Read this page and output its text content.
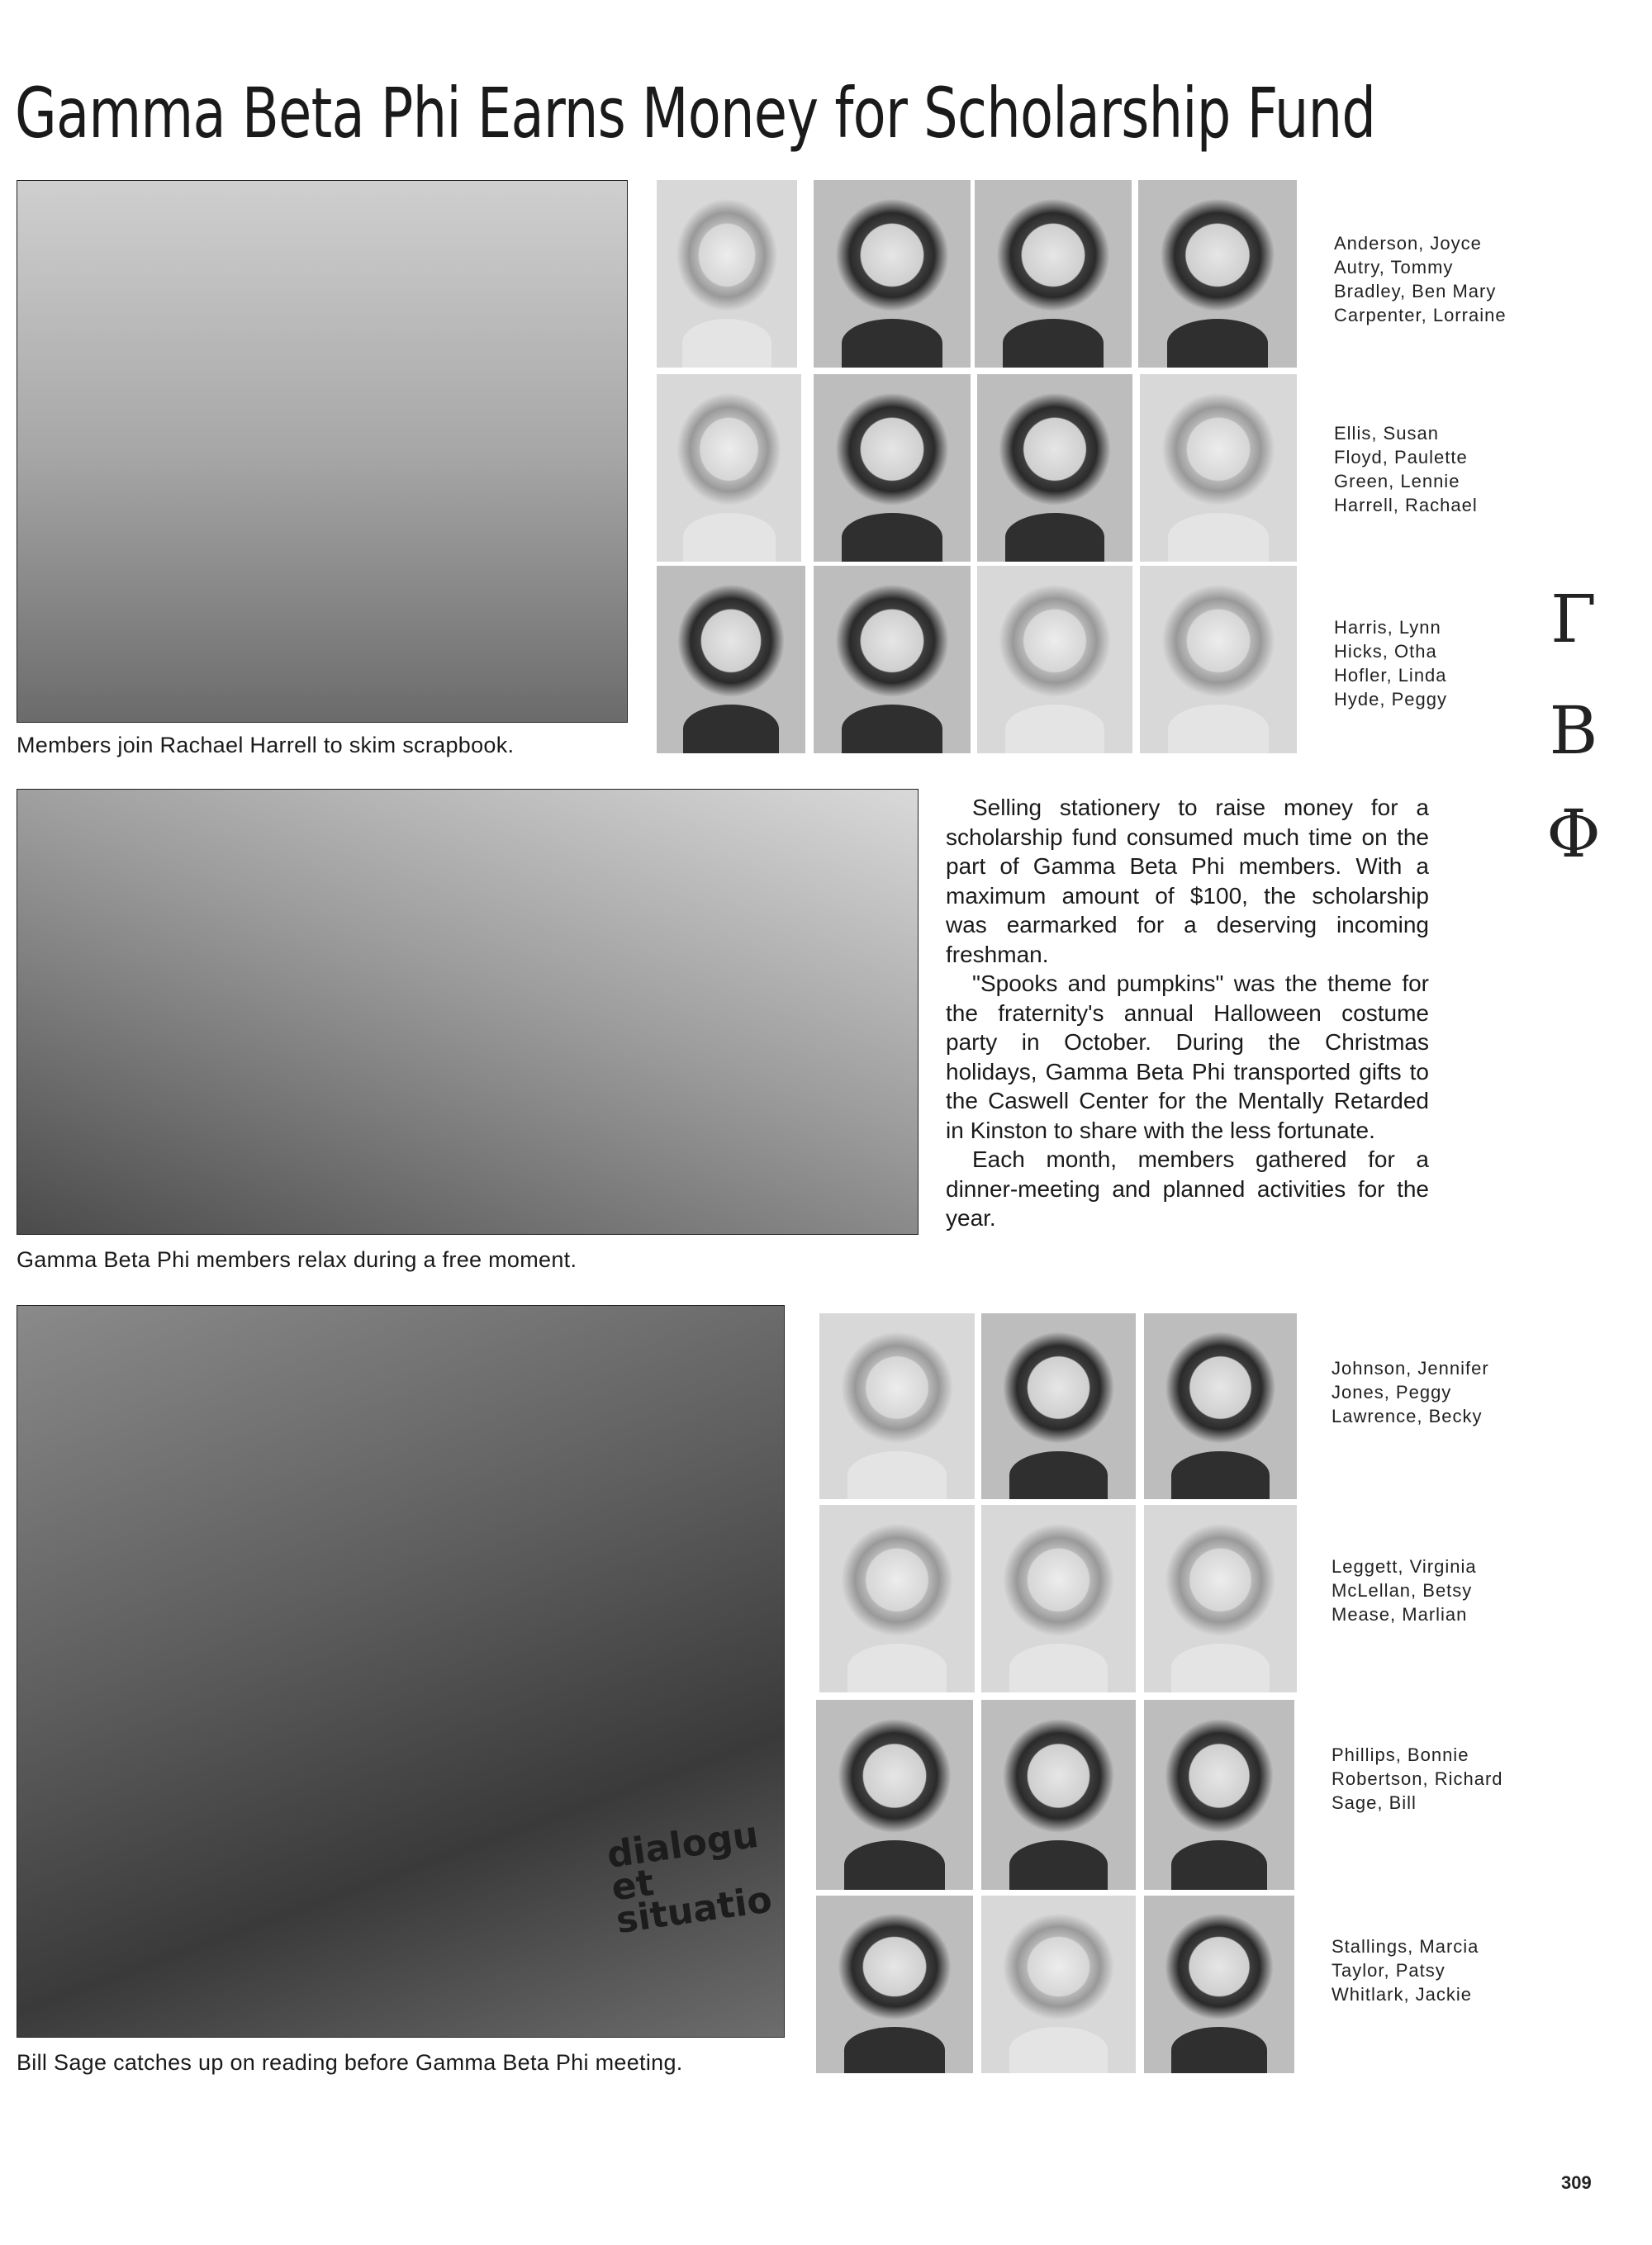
Gamma Beta Phi Earns Money for Scholarship Fund
Members join Rachael Harrell to skim scrapbook.
Gamma Beta Phi members relax during a free moment.
dialogu et situatio
Bill Sage catches up on reading before Gamma Beta Phi meeting.
Anderson, Joyce
Autry, Tommy
Bradley, Ben Mary
Carpenter, Lorraine
Ellis, Susan
Floyd, Paulette
Green, Lennie
Harrell, Rachael
Harris, Lynn
Hicks, Otha
Hofler, Linda
Hyde, Peggy
Γ
Β
Φ

Selling stationery to raise money for a scholarship fund consumed much time on the part of Gamma Beta Phi members. With a maximum amount of $100, the scholarship was earmarked for a deserving incoming freshman.

"Spooks and pumpkins" was the theme for the fraternity's annual Halloween costume party in October. During the Christmas holidays, Gamma Beta Phi transported gifts to the Caswell Center for the Mentally Retarded in Kinston to share with the less fortunate.

Each month, members gathered for a dinner-meeting and planned activities for the year.

Johnson, Jennifer
Jones, Peggy
Lawrence, Becky
Leggett, Virginia
McLellan, Betsy
Mease, Marlian
Phillips, Bonnie
Robertson, Richard
Sage, Bill
Stallings, Marcia
Taylor, Patsy
Whitlark, Jackie
309
